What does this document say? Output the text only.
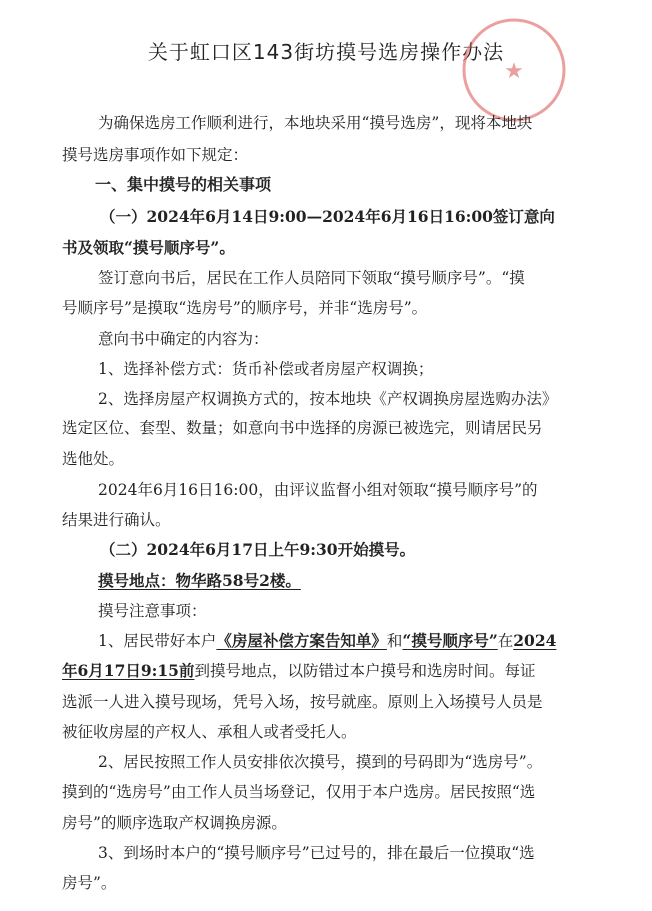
关于虹口区143街坊摸号选房操作办法
★
为确保选房工作顺利进行，本地块采用“摸号选房”，现将本地块
摸号选房事项作如下规定：
一、集中摸号的相关事项
（一）2024年6月14日9:00—2024年6月16日16:00签订意向
书及领取“摸号顺序号”。
签订意向书后，居民在工作人员陪同下领取“摸号顺序号”。“摸
号顺序号”是摸取“选房号”的顺序号，并非“选房号”。
意向书中确定的内容为：
1、选择补偿方式：货币补偿或者房屋产权调换；
2、选择房屋产权调换方式的，按本地块《产权调换房屋选购办法》
选定区位、套型、数量；如意向书中选择的房源已被选完，则请居民另
选他处。
2024年6月16日16:00，由评议监督小组对领取“摸号顺序号”的
结果进行确认。
（二）2024年6月17日上午9:30开始摸号。
摸号地点：物华路58号2楼。
摸号注意事项：
1、居民带好本户《房屋补偿方案告知单》和“摸号顺序号”在2024
年6月17日9:15前到摸号地点，以防错过本户摸号和选房时间。每证
选派一人进入摸号现场，凭号入场，按号就座。原则上入场摸号人员是
被征收房屋的产权人、承租人或者受托人。
2、居民按照工作人员安排依次摸号，摸到的号码即为“选房号”。
摸到的“选房号”由工作人员当场登记，仅用于本户选房。居民按照“选
房号”的顺序选取产权调换房源。
3、到场时本户的“摸号顺序号”已过号的，排在最后一位摸取“选
房号”。
